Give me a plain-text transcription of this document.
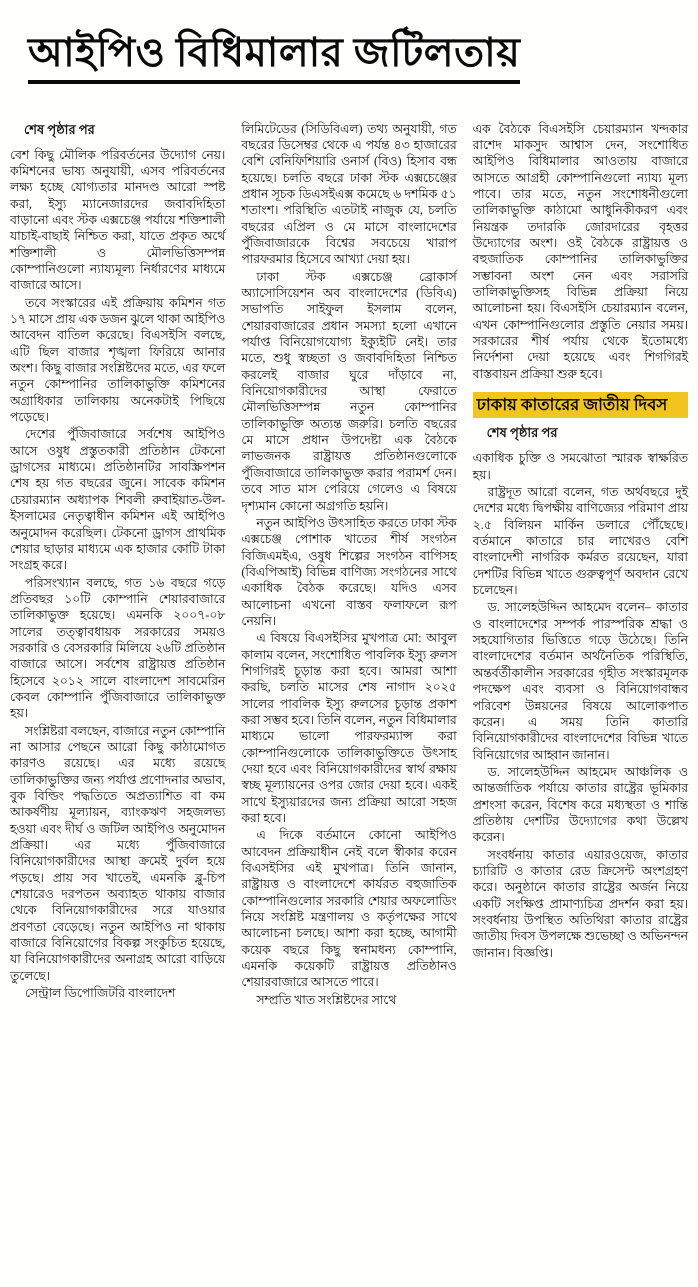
আইপিও বিধিমালার জটিলতায়

শেষ পৃষ্ঠার পর

বেশ কিছু মৌলিক পরিবর্তনের উদ্যোগ নেয়। কমিশনের ভাষ্য অনুযায়ী, এসব পরিবর্তনের লক্ষ্য হচ্ছে যোগ্যতার মানদণ্ড আরো স্পষ্ট করা, ইস্যু ম্যানেজারদের জবাবদিহিতা বাড়ানো এবং স্টক এক্সচেঞ্জ পর্যায়ে শক্তিশালী যাচাই-বাছাই নিশ্চিত করা, যাতে প্রকৃত অর্থে শক্তিশালী ও মৌলভিত্তিসম্পন্ন কোম্পানিগুলো ন্যায্যমূল্য নির্ধারণের মাধ্যমে বাজারে আসে।

তবে সংস্কারের এই প্রক্রিয়ায় কমিশন গত ১৭ মাসে প্রায় এক ডজন ঝুলে থাকা আইপিও আবেদন বাতিল করেছে। বিএসইসি বলছে, এটি ছিল বাজার শৃঙ্খলা ফিরিয়ে আনার অংশ। কিছু বাজার সংশ্লিষ্টদের মতে, এর ফলে নতুন কোম্পানির তালিকাভুক্তি কমিশনের অগ্রাধিকার তালিকায় অনেকটাই পিছিয়ে পড়েছে।

দেশের পুঁজিবাজারে সর্বশেষ আইপিও আসে ওষুধ প্রস্তুতকারী প্রতিষ্ঠান টেকনো ড্রাগসের মাধ্যমে। প্রতিষ্ঠানটির সাবস্ক্রিপশন শেষ হয় গত বছরের জুনে। সাবেক কমিশন চেয়ারম্যান অধ্যাপক শিবলী রুবাইয়াত-উল-ইসলামের নেতৃত্বাধীন কমিশন এই আইপিও অনুমোদন করেছিল। টেকনো ড্রাগস প্রাথমিক শেয়ার ছাড়ার মাধ্যমে এক হাজার কোটি টাকা সংগ্রহ করে।

পরিসংখ্যান বলছে, গত ১৬ বছরে গড়ে প্রতিবছর ১০টি কোম্পানি শেয়ারবাজারে তালিকাভুক্ত হয়েছে। এমনকি ২০০৭-০৮ সালের তত্ত্বাবধায়ক সরকারের সময়ও সরকারি ও বেসরকারি মিলিয়ে ২৬টি প্রতিষ্ঠান বাজারে আসে। সর্বশেষ রাষ্ট্রায়ত্ত প্রতিষ্ঠান হিসেবে ২০১২ সালে বাংলাদেশ সাবমেরিন কেবল কোম্পানি পুঁজিবাজারে তালিকাভুক্ত হয়।

সংশ্লিষ্টরা বলছেন, বাজারে নতুন কোম্পানি না আসার পেছনে আরো কিছু কাঠামোগত কারণও রয়েছে। এর মধ্যে রয়েছে তালিকাভুক্তির জন্য পর্যাপ্ত প্রণোদনার অভাব, বুক বিল্ডিং পদ্ধতিতে অপ্রত্যাশিত বা কম আকর্ষণীয় মূল্যায়ন, ব্যাংকঋণ সহজলভ্য হওয়া এবং দীর্ঘ ও জটিল আইপিও অনুমোদন প্রক্রিয়া। এর মধ্যে পুঁজিবাজারে বিনিয়োগকারীদের আস্থা ক্রমেই দুর্বল হয়ে পড়ছে। প্রায় সব খাতেই, এমনকি ব্লু-চিপ শেয়ারেও দরপতন অব্যাহত থাকায় বাজার থেকে বিনিয়োগকারীদের সরে যাওয়ার প্রবণতা বেড়েছে। নতুন আইপিও না থাকায় বাজারে বিনিয়োগের বিকল্প সংকুচিত হয়েছে, যা বিনিয়োগকারীদের অনাগ্রহ আরো বাড়িয়ে তুলেছে।

সেন্ট্রাল ডিপোজিটরি বাংলাদেশ

লিমিটেডের (সিডিবিএল) তথ্য অনুযায়ী, গত বছরের ডিসেম্বর থেকে এ পর্যন্ত ৪৩ হাজারের বেশি বেনিফিশিয়ারি ওনার্স (বিও) হিসাব বন্ধ হয়েছে। চলতি বছরে ঢাকা স্টক এক্সচেঞ্জের প্রধান সূচক ডিএসইএক্স কমেছে ৬ দশমিক ৫১ শতাংশ। পরিস্থিতি এতটাই নাজুক যে, চলতি বছরের এপ্রিল ও মে মাসে বাংলাদেশের পুঁজিবাজারকে বিশ্বের সবচেয়ে খারাপ পারফরমার হিসেবে আখ্যা দেয়া হয়।

ঢাকা স্টক এক্সচেঞ্জ ব্রোকার্স অ্যাসোসিয়েশন অব বাংলাদেশের (ডিবিএ) সভাপতি সাইফুল ইসলাম বলেন, শেয়ারবাজারের প্রধান সমস্যা হলো এখানে পর্যাপ্ত বিনিয়োগযোগ্য ইক্যুইটি নেই। তার মতে, শুধু স্বচ্ছতা ও জবাবদিহিতা নিশ্চিত করলেই বাজার ঘুরে দাঁড়াবে না, বিনিয়োগকারীদের আস্থা ফেরাতে মৌলভিত্তিসম্পন্ন নতুন কোম্পানির তালিকাভুক্তি অত্যন্ত জরুরি। চলতি বছরের মে মাসে প্রধান উপদেষ্টা এক বৈঠকে লাভজনক রাষ্ট্রায়ত্ত প্রতিষ্ঠানগুলোকে পুঁজিবাজারে তালিকাভুক্ত করার পরামর্শ দেন। তবে সাত মাস পেরিয়ে গেলেও এ বিষয়ে দৃশ্যমান কোনো অগ্রগতি হয়নি।

নতুন আইপিও উৎসাহিত করতে ঢাকা স্টক এক্সচেঞ্জ পোশাক খাতের শীর্ষ সংগঠন বিজিএমইএ, ওষুধ শিল্পের সংগঠন বাপিসহ (বিএপিআই) বিভিন্ন বাণিজ্য সংগঠনের সাথে একাধিক বৈঠক করেছে। যদিও এসব আলোচনা এখনো বাস্তব ফলাফলে রূপ নেয়নি।

এ বিষয়ে বিএসইসির মুখপাত্র মো: আবুল কালাম বলেন, সংশোধিত পাবলিক ইস্যু রুলস শিগগিরই চূড়ান্ত করা হবে। আমরা আশা করছি, চলতি মাসের শেষ নাগাদ ২০২৫ সালের পাবলিক ইস্যু রুলসের চূড়ান্ত প্রকাশ করা সম্ভব হবে। তিনি বলেন, নতুন বিধিমালার মাধ্যমে ভালো পারফরম্যান্স করা কোম্পানিগুলোকে তালিকাভুক্তিতে উৎসাহ দেয়া হবে এবং বিনিয়োগকারীদের স্বার্থ রক্ষায় স্বচ্ছ মূল্যায়নের ওপর জোর দেয়া হবে। একই সাথে ইস্যুয়ারদের জন্য প্রক্রিয়া আরো সহজ করা হবে।

এ দিকে বর্তমানে কোনো আইপিও আবেদন প্রক্রিয়াধীন নেই বলে স্বীকার করেন বিএসইসির এই মুখপাত্র। তিনি জানান, রাষ্ট্রায়ত্ত ও বাংলাদেশে কার্যরত বহুজাতিক কোম্পানিগুলোর সরকারি শেয়ার অফলোডিং নিয়ে সংশ্লিষ্ট মন্ত্রণালয় ও কর্তৃপক্ষের সাথে আলোচনা চলছে। আশা করা হচ্ছে, আগামী কয়েক বছরে কিছু স্বনামধন্য কোম্পানি, এমনকি কয়েকটি রাষ্ট্রায়ত্ত প্রতিষ্ঠানও শেয়ারবাজারে আসতে পারে।

সম্প্রতি খাত সংশ্লিষ্টদের সাথে

এক বৈঠকে বিএসইসি চেয়ারম্যান খন্দকার রাশেদ মাকসুদ আশ্বাস দেন, সংশোধিত আইপিও বিধিমালার আওতায় বাজারে আসতে আগ্রহী কোম্পানিগুলো ন্যায্য মূল্য পাবে। তার মতে, নতুন সংশোধনীগুলো তালিকাভুক্তি কাঠামো আধুনিকীকরণ এবং নিয়ন্ত্রক তদারকি জোরদারের বৃহত্তর উদ্যোগের অংশ। ওই বৈঠকে রাষ্ট্রায়ত্ত ও বহুজাতিক কোম্পানির তালিকাভুক্তির সম্ভাবনা অংশ নেন এবং সরাসরি তালিকাভুক্তিসহ বিভিন্ন প্রক্রিয়া নিয়ে আলোচনা হয়। বিএসইসি চেয়ারম্যান বলেন, এখন কোম্পানিগুলোর প্রস্তুতি নেয়ার সময়। সরকারের শীর্ষ পর্যায় থেকে ইতোমধ্যে নির্দেশনা দেয়া হয়েছে এবং শিগগিরই বাস্তবায়ন প্রক্রিয়া শুরু হবে।

ঢাকায় কাতারের জাতীয় দিবস

শেষ পৃষ্ঠার পর

একাধিক চুক্তি ও সমঝোতা স্মারক স্বাক্ষরিত হয়।

রাষ্ট্রদূত আরো বলেন, গত অর্থবছরে দুই দেশের মধ্যে দ্বিপক্ষীয় বাণিজ্যের পরিমাণ প্রায় ২.৫ বিলিয়ন মার্কিন ডলারে পৌঁছেছে। বর্তমানে কাতারে চার লাখেরও বেশি বাংলাদেশী নাগরিক কর্মরত রয়েছেন, যারা দেশটির বিভিন্ন খাতে গুরুত্বপূর্ণ অবদান রেখে চলেছেন।

ড. সালেহউদ্দিন আহমেদ বলেন– কাতার ও বাংলাদেশের সম্পর্ক পারস্পরিক শ্রদ্ধা ও সহযোগিতার ভিত্তিতে গড়ে উঠেছে। তিনি বাংলাদেশের বর্তমান অর্থনৈতিক পরিস্থিতি, অন্তর্বর্তীকালীন সরকারের গৃহীত সংস্কারমূলক পদক্ষেপ এবং ব্যবসা ও বিনিয়োগবান্ধব পরিবেশ উন্নয়নের বিষয়ে আলোকপাত করেন। এ সময় তিনি কাতারি বিনিয়োগকারীদের বাংলাদেশের বিভিন্ন খাতে বিনিয়োগের আহ্বান জানান।

ড. সালেহউদ্দিন আহমেদ আঞ্চলিক ও আন্তর্জাতিক পর্যায়ে কাতার রাষ্ট্রের ভূমিকার প্রশংসা করেন, বিশেষ করে মধ্যস্থতা ও শান্তি প্রতিষ্ঠায় দেশটির উদ্যোগের কথা উল্লেখ করেন।

সংবর্ধনায় কাতার এয়ারওয়েজ, কাতার চ্যারিটি ও কাতার রেড ক্রিসেন্ট অংশগ্রহণ করে। অনুষ্ঠানে কাতার রাষ্ট্রের অর্জন নিয়ে একটি সংক্ষিপ্ত প্রামাণ্যচিত্র প্রদর্শন করা হয়। সংবর্ধনায় উপস্থিত অতিথিরা কাতার রাষ্ট্রের জাতীয় দিবস উপলক্ষে শুভেচ্ছা ও অভিনন্দন জানান। বিজ্ঞপ্তি।
